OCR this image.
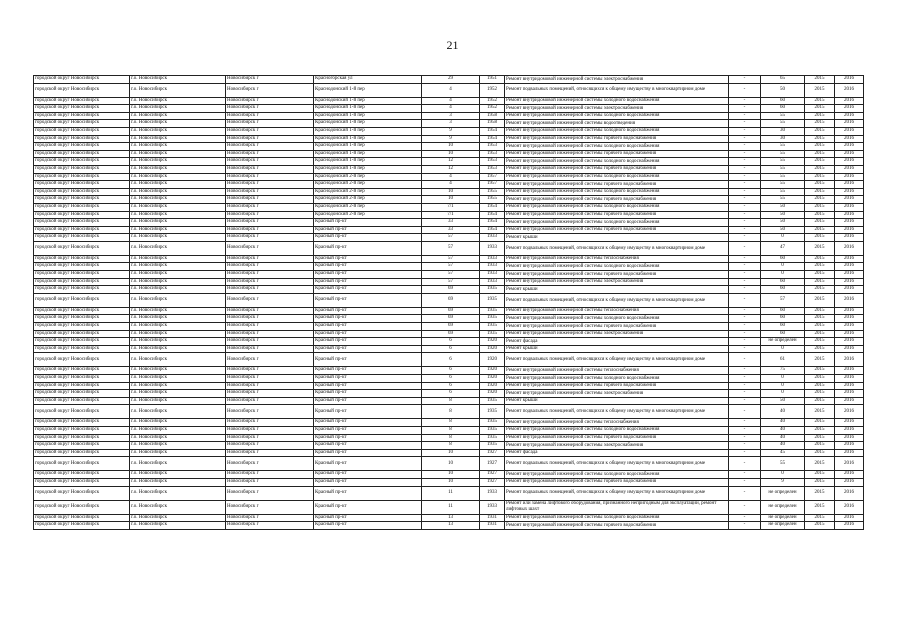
21
городской округ Новосибирск	г.о. Новосибирск	Новосибирск г	Красногорская ул	29	1951	Ремонт внутридомовой инженерной системы электроснабжения	-	65	2015	2016
городской округ Новосибирск	г.о. Новосибирск	Новосибирск г	Краснодонский 1-й пер	4	1952	Ремонт подвальных помещений, относящихся к общему имуществу в многоквартирном доме	-	50	2015	2016
городской округ Новосибирск	г.о. Новосибирск	Новосибирск г	Краснодонский 1-й пер	4	1952	Ремонт внутридомовой инженерной системы холодного водоснабжения	-	60	2015	2016
городской округ Новосибирск	г.о. Новосибирск	Новосибирск г	Краснодонский 1-й пер	4	1952	Ремонт внутридомовой инженерной системы электроснабжения	-	60	2015	2016
городской округ Новосибирск	г.о. Новосибирск	Новосибирск г	Краснодонский 1-й пер	3	1958	Ремонт внутридомовой инженерной системы холодного водоснабжения	-	55	2015	2016
городской округ Новосибирск	г.о. Новосибирск	Новосибирск г	Краснодонский 1-й пер	3	1958	Ремонт внутридомовой инженерной системы водоотведения	-	55	2015	2016
городской округ Новосибирск	г.о. Новосибирск	Новосибирск г	Краснодонский 1-й пер	9	1954	Ремонт внутридомовой инженерной системы холодного водоснабжения	-	30	2015	2016
городской округ Новосибирск	г.о. Новосибирск	Новосибирск г	Краснодонский 1-й пер	9	1954	Ремонт внутридомовой инженерной системы горячего водоснабжения	-	30	2015	2016
городской округ Новосибирск	г.о. Новосибирск	Новосибирск г	Краснодонский 1-й пер	10	1953	Ремонт внутридомовой инженерной системы холодного водоснабжения	-	55	2015	2016
городской округ Новосибирск	г.о. Новосибирск	Новосибирск г	Краснодонский 1-й пер	10	1953	Ремонт внутридомовой инженерной системы горячего водоснабжения	-	55	2015	2016
городской округ Новосибирск	г.о. Новосибирск	Новосибирск г	Краснодонский 1-й пер	12	1953	Ремонт внутридомовой инженерной системы холодного водоснабжения	-	55	2015	2016
городской округ Новосибирск	г.о. Новосибирск	Новосибирск г	Краснодонский 1-й пер	12	1953	Ремонт внутридомовой инженерной системы горячего водоснабжения	-	55	2015	2016
городской округ Новосибирск	г.о. Новосибирск	Новосибирск г	Краснодонский 2-й пер	4	1957	Ремонт внутридомовой инженерной системы холодного водоснабжения	-	55	2015	2016
городской округ Новосибирск	г.о. Новосибирск	Новосибирск г	Краснодонский 2-й пер	4	1957	Ремонт внутридомовой инженерной системы горячего водоснабжения	-	55	2015	2016
городской округ Новосибирск	г.о. Новосибирск	Новосибирск г	Краснодонский 2-й пер	10	1955	Ремонт внутридомовой инженерной системы холодного водоснабжения	-	55	2015	2016
городской округ Новосибирск	г.о. Новосибирск	Новосибирск г	Краснодонский 2-й пер	10	1955	Ремонт внутридомовой инженерной системы горячего водоснабжения	-	55	2015	2016
городской округ Новосибирск	г.о. Новосибирск	Новосибирск г	Краснодонский 2-й пер	7/1	1954	Ремонт внутридомовой инженерной системы холодного водоснабжения	-	50	2015	2016
городской округ Новосибирск	г.о. Новосибирск	Новосибирск г	Краснодонский 2-й пер	7/1	1954	Ремонт внутридомовой инженерной системы горячего водоснабжения	-	50	2015	2016
городской округ Новосибирск	г.о. Новосибирск	Новосибирск г	Красный пр-кт	33	1954	Ремонт внутридомовой инженерной системы холодного водоснабжения	-	50	2015	2016
городской округ Новосибирск	г.о. Новосибирск	Новосибирск г	Красный пр-кт	33	1954	Ремонт внутридомовой инженерной системы горячего водоснабжения	-	50	2015	2016
городской округ Новосибирск	г.о. Новосибирск	Новосибирск г	Красный пр-кт	57	1933	Ремонт крыши	-	0	2015	2016
городской округ Новосибирск	г.о. Новосибирск	Новосибирск г	Красный пр-кт	57	1933	Ремонт подвальных помещений, относящихся к общему имуществу в многоквартирном доме	-	47	2015	2016
городской округ Новосибирск	г.о. Новосибирск	Новосибирск г	Красный пр-кт	57	1933	Ремонт внутридомовой инженерной системы теплоснабжения	-	60	2015	2016
городской округ Новосибирск	г.о. Новосибирск	Новосибирск г	Красный пр-кт	57	1933	Ремонт внутридомовой инженерной системы холодного водоснабжения	-	0	2015	2016
городской округ Новосибирск	г.о. Новосибирск	Новосибирск г	Красный пр-кт	57	1933	Ремонт внутридомовой инженерной системы горячего водоснабжения	-	0	2015	2016
городской округ Новосибирск	г.о. Новосибирск	Новосибирск г	Красный пр-кт	57	1933	Ремонт внутридомовой инженерной системы электроснабжения	-	60	2015	2016
городской округ Новосибирск	г.о. Новосибирск	Новосибирск г	Красный пр-кт	69	1935	Ремонт крыши	-	60	2015	2016
городской округ Новосибирск	г.о. Новосибирск	Новосибирск г	Красный пр-кт	69	1935	Ремонт подвальных помещений, относящихся к общему имуществу в многоквартирном доме	-	57	2015	2016
городской округ Новосибирск	г.о. Новосибирск	Новосибирск г	Красный пр-кт	69	1935	Ремонт внутридомовой инженерной системы теплоснабжения	-	60	2015	2016
городской округ Новосибирск	г.о. Новосибирск	Новосибирск г	Красный пр-кт	69	1935	Ремонт внутридомовой инженерной системы холодного водоснабжения	-	60	2015	2016
городской округ Новосибирск	г.о. Новосибирск	Новосибирск г	Красный пр-кт	69	1935	Ремонт внутридомовой инженерной системы горячего водоснабжения	-	60	2015	2016
городской округ Новосибирск	г.о. Новосибирск	Новосибирск г	Красный пр-кт	69	1935	Ремонт внутридомовой инженерной системы электроснабжения	-	60	2015	2016
городской округ Новосибирск	г.о. Новосибирск	Новосибирск г	Красный пр-кт	6	1920	Ремонт фасада	-	не определен	2015	2016
городской округ Новосибирск	г.о. Новосибирск	Новосибирск г	Красный пр-кт	6	1920	Ремонт крыши	-	0	2015	2016
городской округ Новосибирск	г.о. Новосибирск	Новосибирск г	Красный пр-кт	6	1920	Ремонт подвальных помещений, относящихся к общему имуществу в многоквартирном доме	-	61	2015	2016
городской округ Новосибирск	г.о. Новосибирск	Новосибирск г	Красный пр-кт	6	1920	Ремонт внутридомовой инженерной системы теплоснабжения	-	75	2015	2016
городской округ Новосибирск	г.о. Новосибирск	Новосибирск г	Красный пр-кт	6	1920	Ремонт внутридомовой инженерной системы холодного водоснабжения	-	0	2015	2016
городской округ Новосибирск	г.о. Новосибирск	Новосибирск г	Красный пр-кт	6	1920	Ремонт внутридомовой инженерной системы горячего водоснабжения	-	0	2015	2016
городской округ Новосибирск	г.о. Новосибирск	Новосибирск г	Красный пр-кт	6	1920	Ремонт внутридомовой инженерной системы электроснабжения	-	0	2015	2016
городской округ Новосибирск	г.о. Новосибирск	Новосибирск г	Красный пр-кт	8	1935	Ремонт крыши	-	50	2015	2016
городской округ Новосибирск	г.о. Новосибирск	Новосибирск г	Красный пр-кт	8	1935	Ремонт подвальных помещений, относящихся к общему имуществу в многоквартирном доме	-	40	2015	2016
городской округ Новосибирск	г.о. Новосибирск	Новосибирск г	Красный пр-кт	8	1935	Ремонт внутридомовой инженерной системы теплоснабжения	-	40	2015	2016
городской округ Новосибирск	г.о. Новосибирск	Новосибирск г	Красный пр-кт	8	1935	Ремонт внутридомовой инженерной системы холодного водоснабжения	-	40	2015	2016
городской округ Новосибирск	г.о. Новосибирск	Новосибирск г	Красный пр-кт	8	1935	Ремонт внутридомовой инженерной системы горячего водоснабжения	-	40	2015	2016
городской округ Новосибирск	г.о. Новосибирск	Новосибирск г	Красный пр-кт	8	1935	Ремонт внутридомовой инженерной системы электроснабжения	-	40	2015	2016
городской округ Новосибирск	г.о. Новосибирск	Новосибирск г	Красный пр-кт	10	1927	Ремонт фасада	-	45	2015	2016
городской округ Новосибирск	г.о. Новосибирск	Новосибирск г	Красный пр-кт	10	1927	Ремонт подвальных помещений, относящихся к общему имуществу в многоквартирном доме	-	55	2015	2016
городской округ Новосибирск	г.о. Новосибирск	Новосибирск г	Красный пр-кт	10	1927	Ремонт внутридомовой инженерной системы холодного водоснабжения	-	0	2015	2016
городской округ Новосибирск	г.о. Новосибирск	Новосибирск г	Красный пр-кт	10	1927	Ремонт внутридомовой инженерной системы горячего водоснабжения	-	9	2015	2016
городской округ Новосибирск	г.о. Новосибирск	Новосибирск г	Красный пр-кт	11	1933	Ремонт подвальных помещений, относящихся к общему имуществу в многоквартирном доме	-	не определен	2015	2016
городской округ Новосибирск	г.о. Новосибирск	Новосибирск г	Красный пр-кт	11	1933	Ремонт или замена лифтового оборудования, признанного непригодным для эксплуатации, ремонт лифтовых шахт	-	не определен	2015	2016
городской округ Новосибирск	г.о. Новосибирск	Новосибирск г	Красный пр-кт	13	1931	Ремонт внутридомовой инженерной системы холодного водоснабжения	-	не определен	2015	2016
городской округ Новосибирск	г.о. Новосибирск	Новосибирск г	Красный пр-кт	13	1931	Ремонт внутридомовой инженерной системы горячего водоснабжения	-	не определен	2015	2016
